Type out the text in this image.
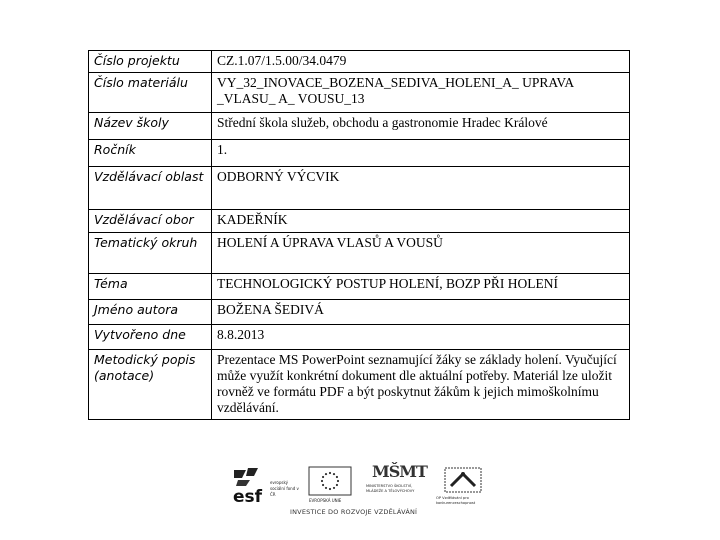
Číslo projektu	CZ.1.07/1.5.00/34.0479
Číslo materiálu	VY_32_INOVACE_BOZENA_SEDIVA_HOLENI_A_ UPRAVA _VLASU_ A_ VOUSU_13
Název školy	Střední škola služeb, obchodu a gastronomie Hradec Králové
Ročník	1.
Vzdělávací oblast	ODBORNÝ VÝCVIK
Vzdělávací obor	KADEŘNÍK
Tematický okruh	HOLENÍ A ÚPRAVA VLASŮ A VOUSŮ
Téma	TECHNOLOGICKÝ POSTUP HOLENÍ, BOZP PŘI HOLENÍ
Jméno autora	BOŽENA ŠEDIVÁ
Vytvořeno dne	8.8.2013
Metodický popis (anotace)	Prezentace MS PowerPoint seznamující žáky se základy holení. Vyučující může využít konkrétní dokument dle aktuální potřeby. Materiál lze uložit rovněž ve formátu PDF a být poskytnut žákům k jejich mimoškolnímu vzdělávání.
esf
evropský sociální fond v ČR
EVROPSKÁ UNIE
MŠMT
MINISTERSTVO ŠKOLSTVÍ, MLÁDEŽE A TĚLOVÝCHOVY
OP Vzdělávání pro konkurenceschopnost
INVESTICE DO ROZVOJE VZDĚLÁVÁNÍ
